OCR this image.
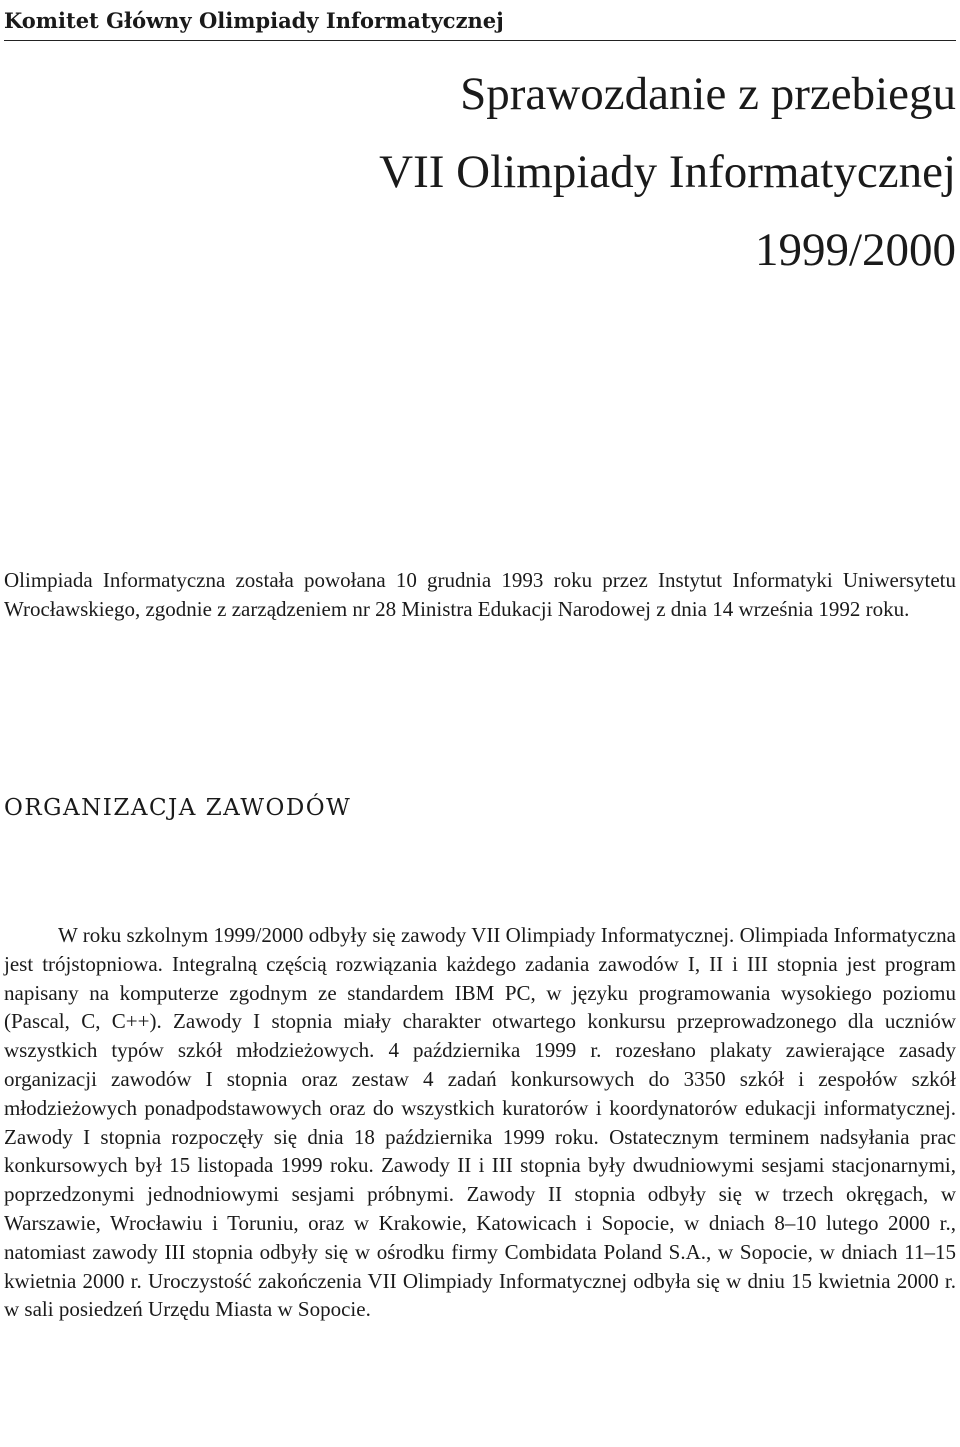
Komitet Główny Olimpiady Informatycznej
Sprawozdanie z przebiegu
VII Olimpiady Informatycznej
1999/2000

Olimpiada Informatyczna została powołana 10 grudnia 1993 roku przez Instytut Informatyki Uniwersytetu Wrocławskiego, zgodnie z zarządzeniem nr 28 Ministra Edukacji Narodowej z dnia 14 września 1992 roku.

ORGANIZACJA ZAWODÓW

W roku szkolnym 1999/2000 odbyły się zawody VII Olimpiady Informatycznej. Olimpiada Informatyczna jest trójstopniowa. Integralną częścią rozwiązania każdego zadania zawodów I, II i III stopnia jest program napisany na komputerze zgodnym ze standardem IBM PC, w języku programowania wysokiego poziomu (Pascal, C, C++). Zawody I stopnia miały charakter otwartego konkursu przeprowadzonego dla uczniów wszystkich typów szkół młodzieżowych. 4 października 1999 r. rozesłano plakaty zawierające zasady organizacji zawodów I stopnia oraz zestaw 4 zadań konkursowych do 3350 szkół i zespołów szkół młodzieżowych ponadpodstawowych oraz do wszystkich kuratorów i koordynatorów edukacji informatycznej. Zawody I stopnia rozpoczęły się dnia 18 października 1999 roku. Ostatecznym terminem nadsyłania prac konkursowych był 15 listopada 1999 roku. Zawody II i III stopnia były dwudniowymi sesjami stacjonarnymi, poprzedzonymi jednodniowymi sesjami próbnymi. Zawody II stopnia odbyły się w trzech okręgach, w Warszawie, Wrocławiu i Toruniu, oraz w Krakowie, Katowicach i Sopocie, w dniach 8–10 lutego 2000 r., natomiast zawody III stopnia odbyły się w ośrodku firmy Combidata Poland S.A., w Sopocie, w dniach 11–15 kwietnia 2000 r. Uroczystość zakończenia VII Olimpiady Informatycznej odbyła się w dniu 15 kwietnia 2000 r. w sali posiedzeń Urzędu Miasta w Sopocie.
